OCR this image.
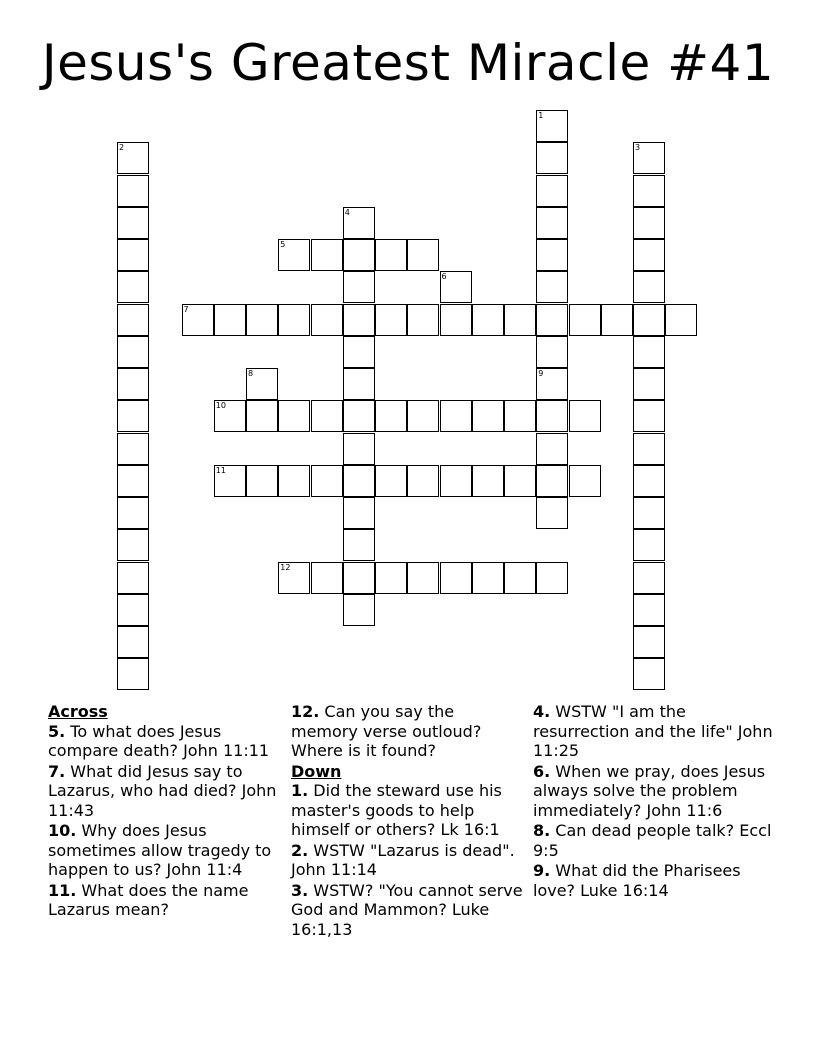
Jesus's Greatest Miracle #41
1
9
2	3
4
5
6
7
8
10
11
12
Across
5. To what does Jesus compare death? John 11:11
7. What did Jesus say to Lazarus, who had died? John 11:43
10. Why does Jesus sometimes allow tragedy to happen to us? John 11:4
11. What does the name Lazarus mean?
12. Can you say the memory verse outloud? Where is it found?
Down
1. Did the steward use his master's goods to help himself or others? Lk 16:1
2. WSTW "Lazarus is dead". John 11:14
3. WSTW? "You cannot serve God and Mammon? Luke 16:1,13
4. WSTW "I am the resurrection and the life" John 11:25
6. When we pray, does Jesus always solve the problem immediately? John 11:6
8. Can dead people talk? Eccl 9:5
9. What did the Pharisees love? Luke 16:14
